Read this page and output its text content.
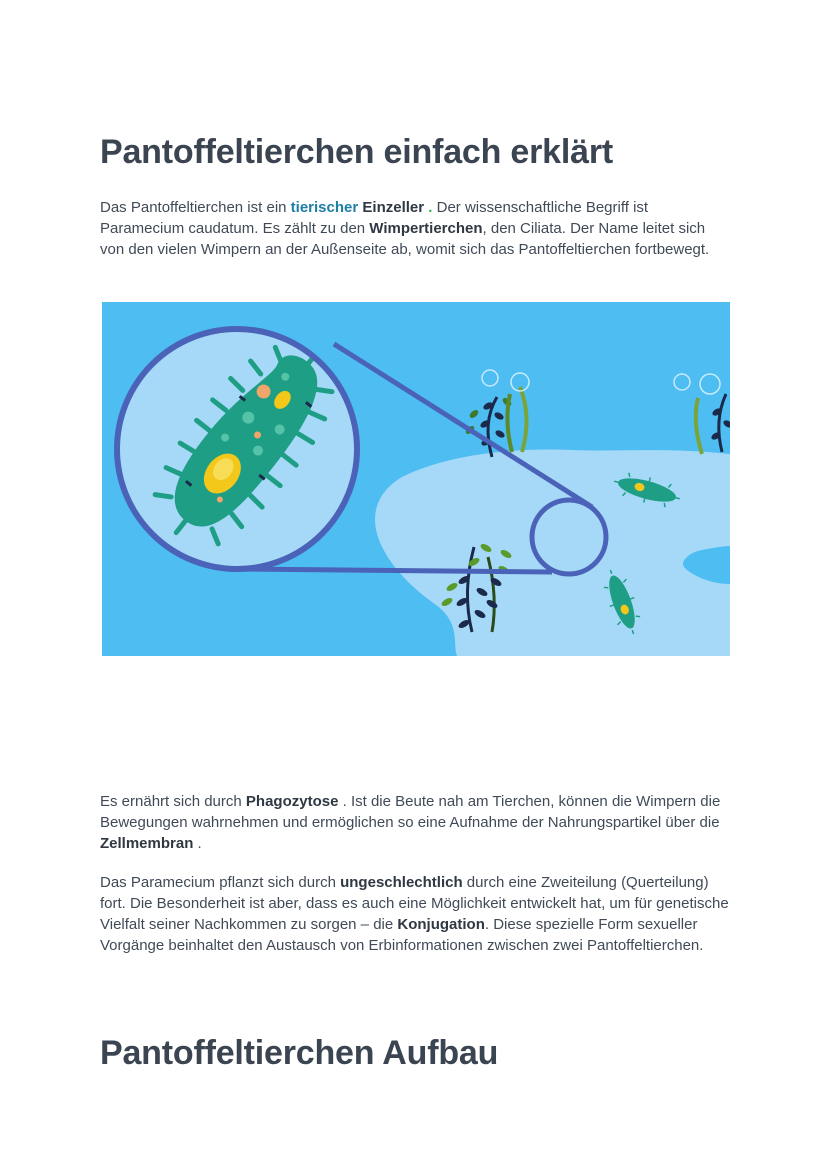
Pantoffeltierchen einfach erklärt

Das Pantoffeltierchen ist ein tierischer Einzeller . Der wissenschaftliche Begriff ist Paramecium caudatum. Es zählt zu den Wimpertierchen, den Ciliata. Der Name leitet sich von den vielen Wimpern an der Außenseite ab, womit sich das Pantoffeltierchen fortbewegt.

Es ernährt sich durch Phagozytose . Ist die Beute nah am Tierchen, können die Wimpern die Bewegungen wahrnehmen und ermöglichen so eine Aufnahme der Nahrungspartikel über die Zellmembran .

Das Paramecium pflanzt sich durch ungeschlechtlich durch eine Zweiteilung (Querteilung) fort. Die Besonderheit ist aber, dass es auch eine Möglichkeit entwickelt hat, um für genetische Vielfalt seiner Nachkommen zu sorgen – die Konjugation. Diese spezielle Form sexueller Vorgänge beinhaltet den Austausch von Erbinformationen zwischen zwei Pantoffeltierchen.

Pantoffeltierchen Aufbau
